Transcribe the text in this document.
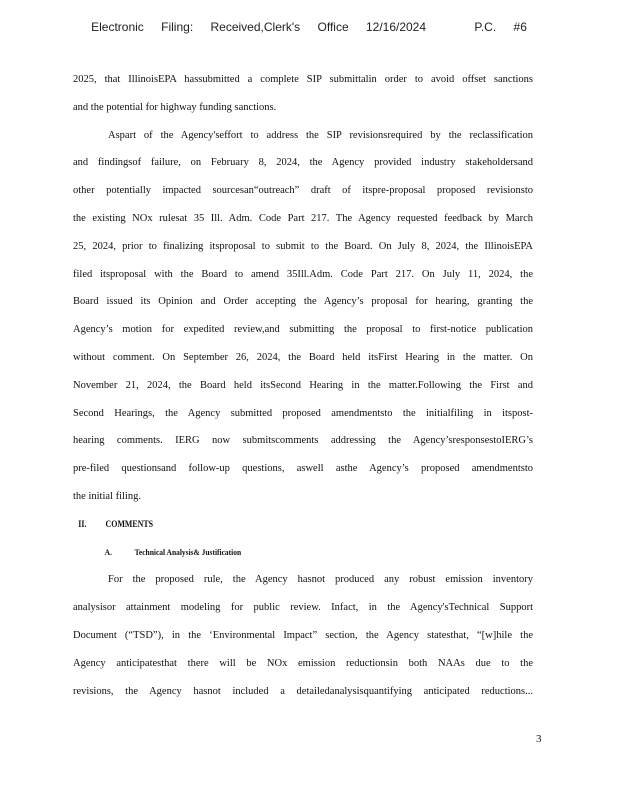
Electronic Filing: Received,Clerk's Office 12/16/2024	P.C. #6
2025, that IllinoisEPA hassubmitted a complete SIP submittalin order to avoid offset sanctions
and the potential for highway funding sanctions.
Aspart of the Agency'seffort to address the SIP revisionsrequired by the reclassification
and findingsof failure, on February 8, 2024, the Agency provided industry stakeholdersand
other potentially impacted sourcesan“outreach” draft of itspre-proposal proposed revisionsto
the existing NOx rulesat 35 Ill. Adm. Code Part 217. The Agency requested feedback by March
25, 2024, prior to finalizing itsproposal to submit to the Board. On July 8, 2024, the IllinoisEPA
filed itsproposal with the Board to amend 35Ill.Adm. Code Part 217. On July 11, 2024, the
Board issued its Opinion and Order accepting the Agency’s proposal for hearing, granting the
Agency’s motion for expedited review,and submitting the proposal to first-notice publication
without comment. On September 26, 2024, the Board held itsFirst Hearing in the matter. On
November 21, 2024, the Board held itsSecond Hearing in the matter.Following the First and
Second Hearings, the Agency submitted proposed amendmentsto the initialfiling in itspost-
hearing comments. IERG now submitscomments addressing the Agency’sresponsestoIERG’s
pre-filed questionsand follow-up questions, aswell asthe Agency’s proposed amendmentsto
the initial filing.
II. COMMENTS
A.	Technical Analysis& Justification
For the proposed rule, the Agency hasnot produced any robust emission inventory
analysisor attainment modeling for public review. Infact, in the Agency'sTechnical Support
Document (“TSD”), in the ‘Environmental Impact” section, the Agency statesthat, “[w]hile the
Agency anticipatesthat there will be NOx emission reductionsin both NAAs due to the
revisions, the Agency hasnot included a detailedanalysisquantifying anticipated reductions...
3
